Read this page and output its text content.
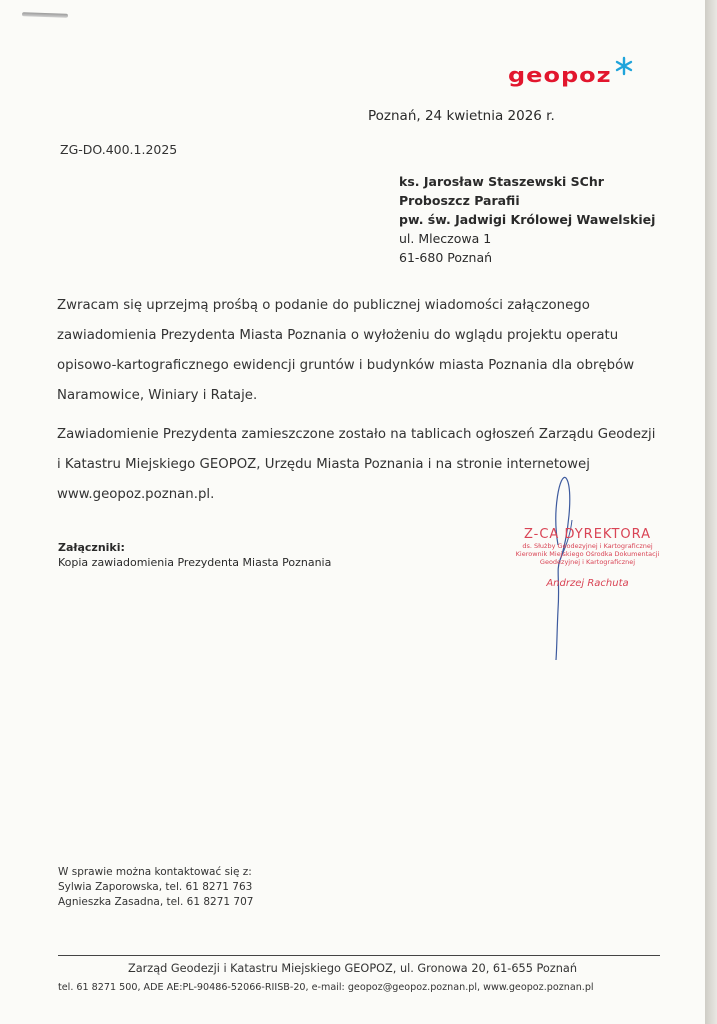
geopoz
Poznań, 24 kwietnia 2026 r.
ZG-DO.400.1.2025
ks. Jarosław Staszewski SChr
Proboszcz Parafii
pw. św. Jadwigi Królowej Wawelskiej
ul. Mleczowa 1
61-680 Poznań
Zwracam się uprzejmą prośbą o podanie do publicznej wiadomości załączonego zawiadomienia Prezydenta Miasta Poznania o wyłożeniu do wglądu projektu operatu opisowo-kartograficznego ewidencji gruntów i budynków miasta Poznania dla obrębów Naramowice, Winiary i Rataje.
Zawiadomienie Prezydenta zamieszczone zostało na tablicach ogłoszeń Zarządu Geodezji i Katastru Miejskiego GEOPOZ, Urzędu Miasta Poznania i na stronie internetowej www.geopoz.poznan.pl.
Załączniki:
Kopia zawiadomienia Prezydenta Miasta Poznania
Z-CA DYREKTORA
ds. Służby Geodezyjnej i Kartograficznej
Kierownik Miejskiego Ośrodka Dokumentacji
Geodezyjnej i Kartograficznej
Andrzej Rachuta
W sprawie można kontaktować się z:
Sylwia Zaporowska, tel. 61 8271 763
Agnieszka Zasadna, tel. 61 8271 707
Zarząd Geodezji i Katastru Miejskiego GEOPOZ, ul. Gronowa 20, 61-655 Poznań
tel. 61 8271 500, ADE AE:PL-90486-52066-RIISB-20, e-mail: geopoz@geopoz.poznan.pl, www.geopoz.poznan.pl
